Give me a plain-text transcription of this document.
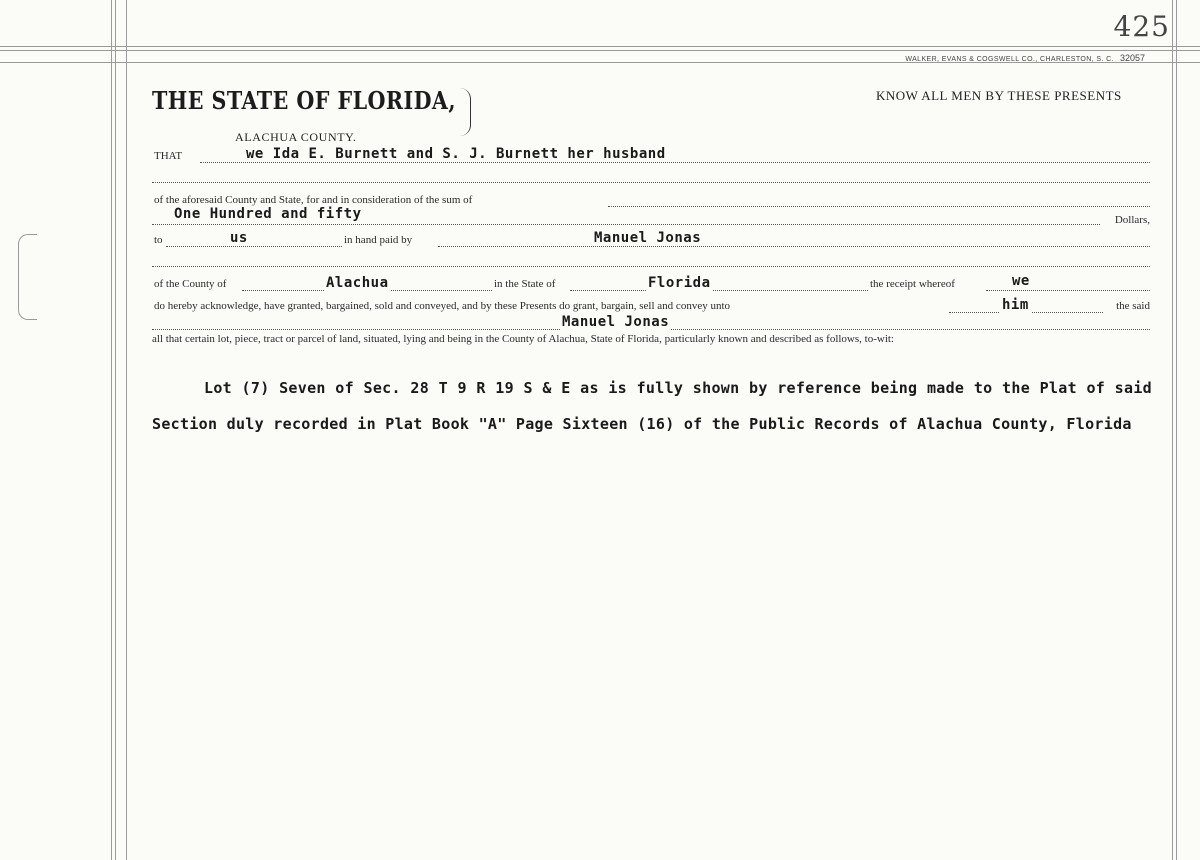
425
WALKER, EVANS & COGSWELL CO., CHARLESTON, S. C. 32057
THE STATE OF FLORIDA,	KNOW ALL MEN BY THESE PRESENTS
ALACHUA COUNTY.
THAT	we Ida E. Burnett and S. J. Burnett her husband
of the aforesaid County and State, for and in consideration of the sum of
One Hundred and fifty	Dollars,
to	us	in hand paid by	Manuel Jonas
of the County of	Alachua	in the State of	Florida	the receipt whereof	we
do hereby acknowledge, have granted, bargained, sold and conveyed, and by these Presents do grant, bargain, sell and convey unto	him	the said
Manuel Jonas
all that certain lot, piece, tract or parcel of land, situated, lying and being in the County of Alachua, State of Florida, particularly known and described as follows, to-wit:
Lot (7) Seven of Sec. 28 T 9 R 19 S & E as is fully shown by reference being made to the Plat of said Section duly recorded in Plat Book "A" Page Sixteen (16) of the Public Records of Alachua County, Florida
